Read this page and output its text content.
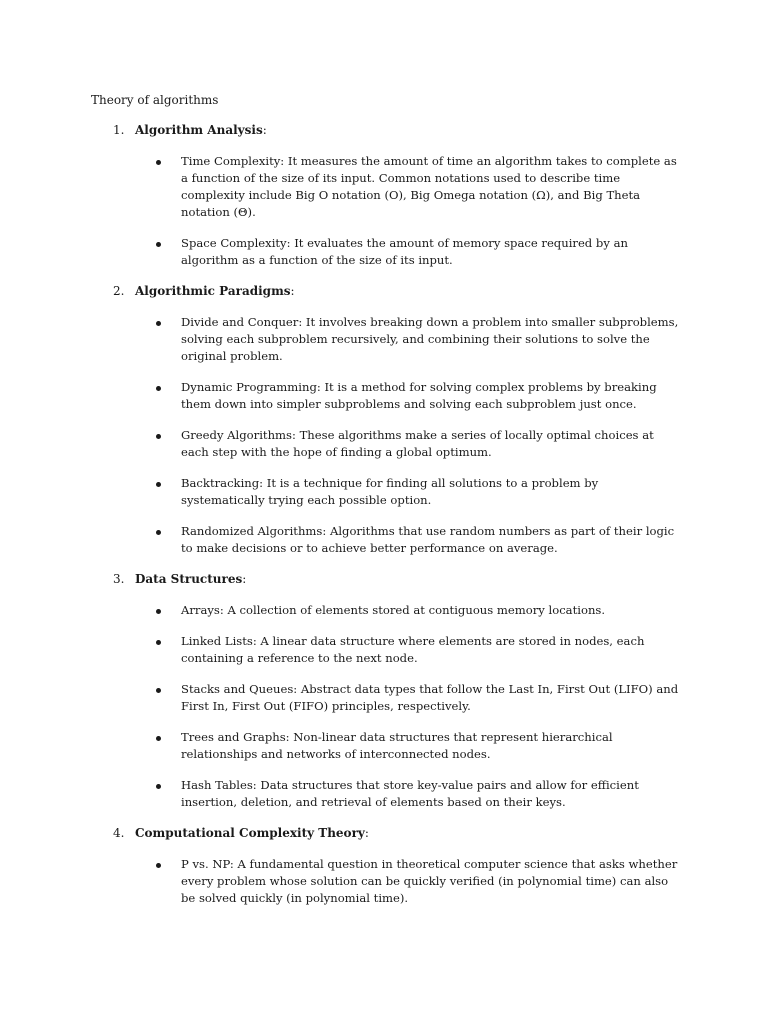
Theory of algorithms
1. Algorithm Analysis:
Time Complexity: It measures the amount of time an algorithm takes to complete as a function of the size of its input. Common notations used to describe time complexity include Big O notation (O), Big Omega notation (Ω), and Big Theta notation (Θ).
Space Complexity: It evaluates the amount of memory space required by an algorithm as a function of the size of its input.
2. Algorithmic Paradigms:
Divide and Conquer: It involves breaking down a problem into smaller subproblems, solving each subproblem recursively, and combining their solutions to solve the original problem.
Dynamic Programming: It is a method for solving complex problems by breaking them down into simpler subproblems and solving each subproblem just once.
Greedy Algorithms: These algorithms make a series of locally optimal choices at each step with the hope of finding a global optimum.
Backtracking: It is a technique for finding all solutions to a problem by systematically trying each possible option.
Randomized Algorithms: Algorithms that use random numbers as part of their logic to make decisions or to achieve better performance on average.
3. Data Structures:
Arrays: A collection of elements stored at contiguous memory locations.
Linked Lists: A linear data structure where elements are stored in nodes, each containing a reference to the next node.
Stacks and Queues: Abstract data types that follow the Last In, First Out (LIFO) and First In, First Out (FIFO) principles, respectively.
Trees and Graphs: Non-linear data structures that represent hierarchical relationships and networks of interconnected nodes.
Hash Tables: Data structures that store key-value pairs and allow for efficient insertion, deletion, and retrieval of elements based on their keys.
4. Computational Complexity Theory:
P vs. NP: A fundamental question in theoretical computer science that asks whether every problem whose solution can be quickly verified (in polynomial time) can also be solved quickly (in polynomial time).
